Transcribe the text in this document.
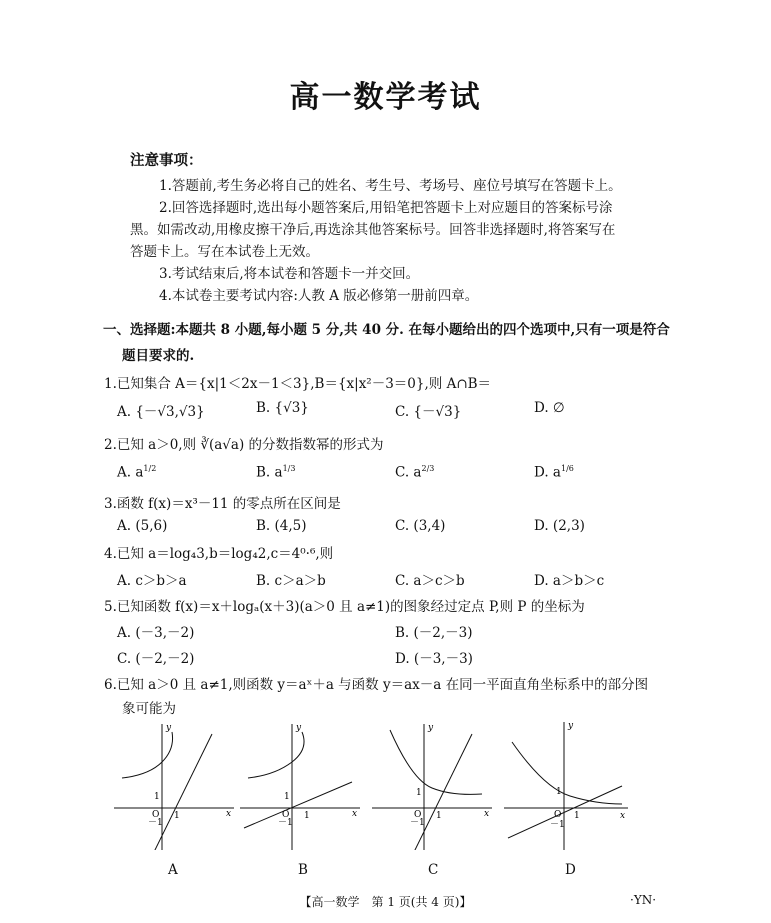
高一数学考试
注意事项：
1.答题前,考生务必将自己的姓名、考生号、考场号、座位号填写在答题卡上。
2.回答选择题时,选出每小题答案后,用铅笔把答题卡上对应题目的答案标号涂
黑。如需改动,用橡皮擦干净后,再选涂其他答案标号。回答非选择题时,将答案写在
答题卡上。写在本试卷上无效。
3.考试结束后,将本试卷和答题卡一并交回。
4.本试卷主要考试内容:人教 A 版必修第一册前四章。
一、选择题:本题共 8 小题,每小题 5 分,共 40 分. 在每小题给出的四个选项中,只有一项是符合
题目要求的.
1.已知集合 A＝{x|1＜2x－1＜3},B＝{x|x²－3＝0},则 A∩B＝
A. {－√3,√3}	B. {√3}	C. {－√3}	D. ∅
2.已知 a＞0,则 ∛(a√a) 的分数指数幂的形式为
A. $a^{1/2}$	B. $a^{1/3}$	C. $a^{2/3}$	D. $a^{1/6}$
3.函数 f(x)＝x³－11 的零点所在区间是
A. (5,6)	B. (4,5)	C. (3,4)	D. (2,3)
4.已知 a＝log₄3,b＝log₄2,c＝4⁰·⁶,则
A. c＞b＞a	B. c＞a＞b	C. a＞c＞b	D. a＞b＞c
5.已知函数 f(x)＝x＋logₐ(x＋3)(a＞0 且 a≠1)的图象经过定点 P,则 P 的坐标为
A. (－3,－2)	B. (－2,－3)
C. (－2,－2)	D. (－3,－3)
6.已知 a＞0 且 a≠1,则函数 y＝aˣ＋a 与函数 y＝ax－a 在同一平面直角坐标系中的部分图
象可能为
y
x
O
1
1
－1
A
y
x
O
1
1
－1
B
y
x
O
1
1
－1
C
y
x
O
1
1
－1
D
【高一数学　第 1 页(共 4 页)】	·YN·
